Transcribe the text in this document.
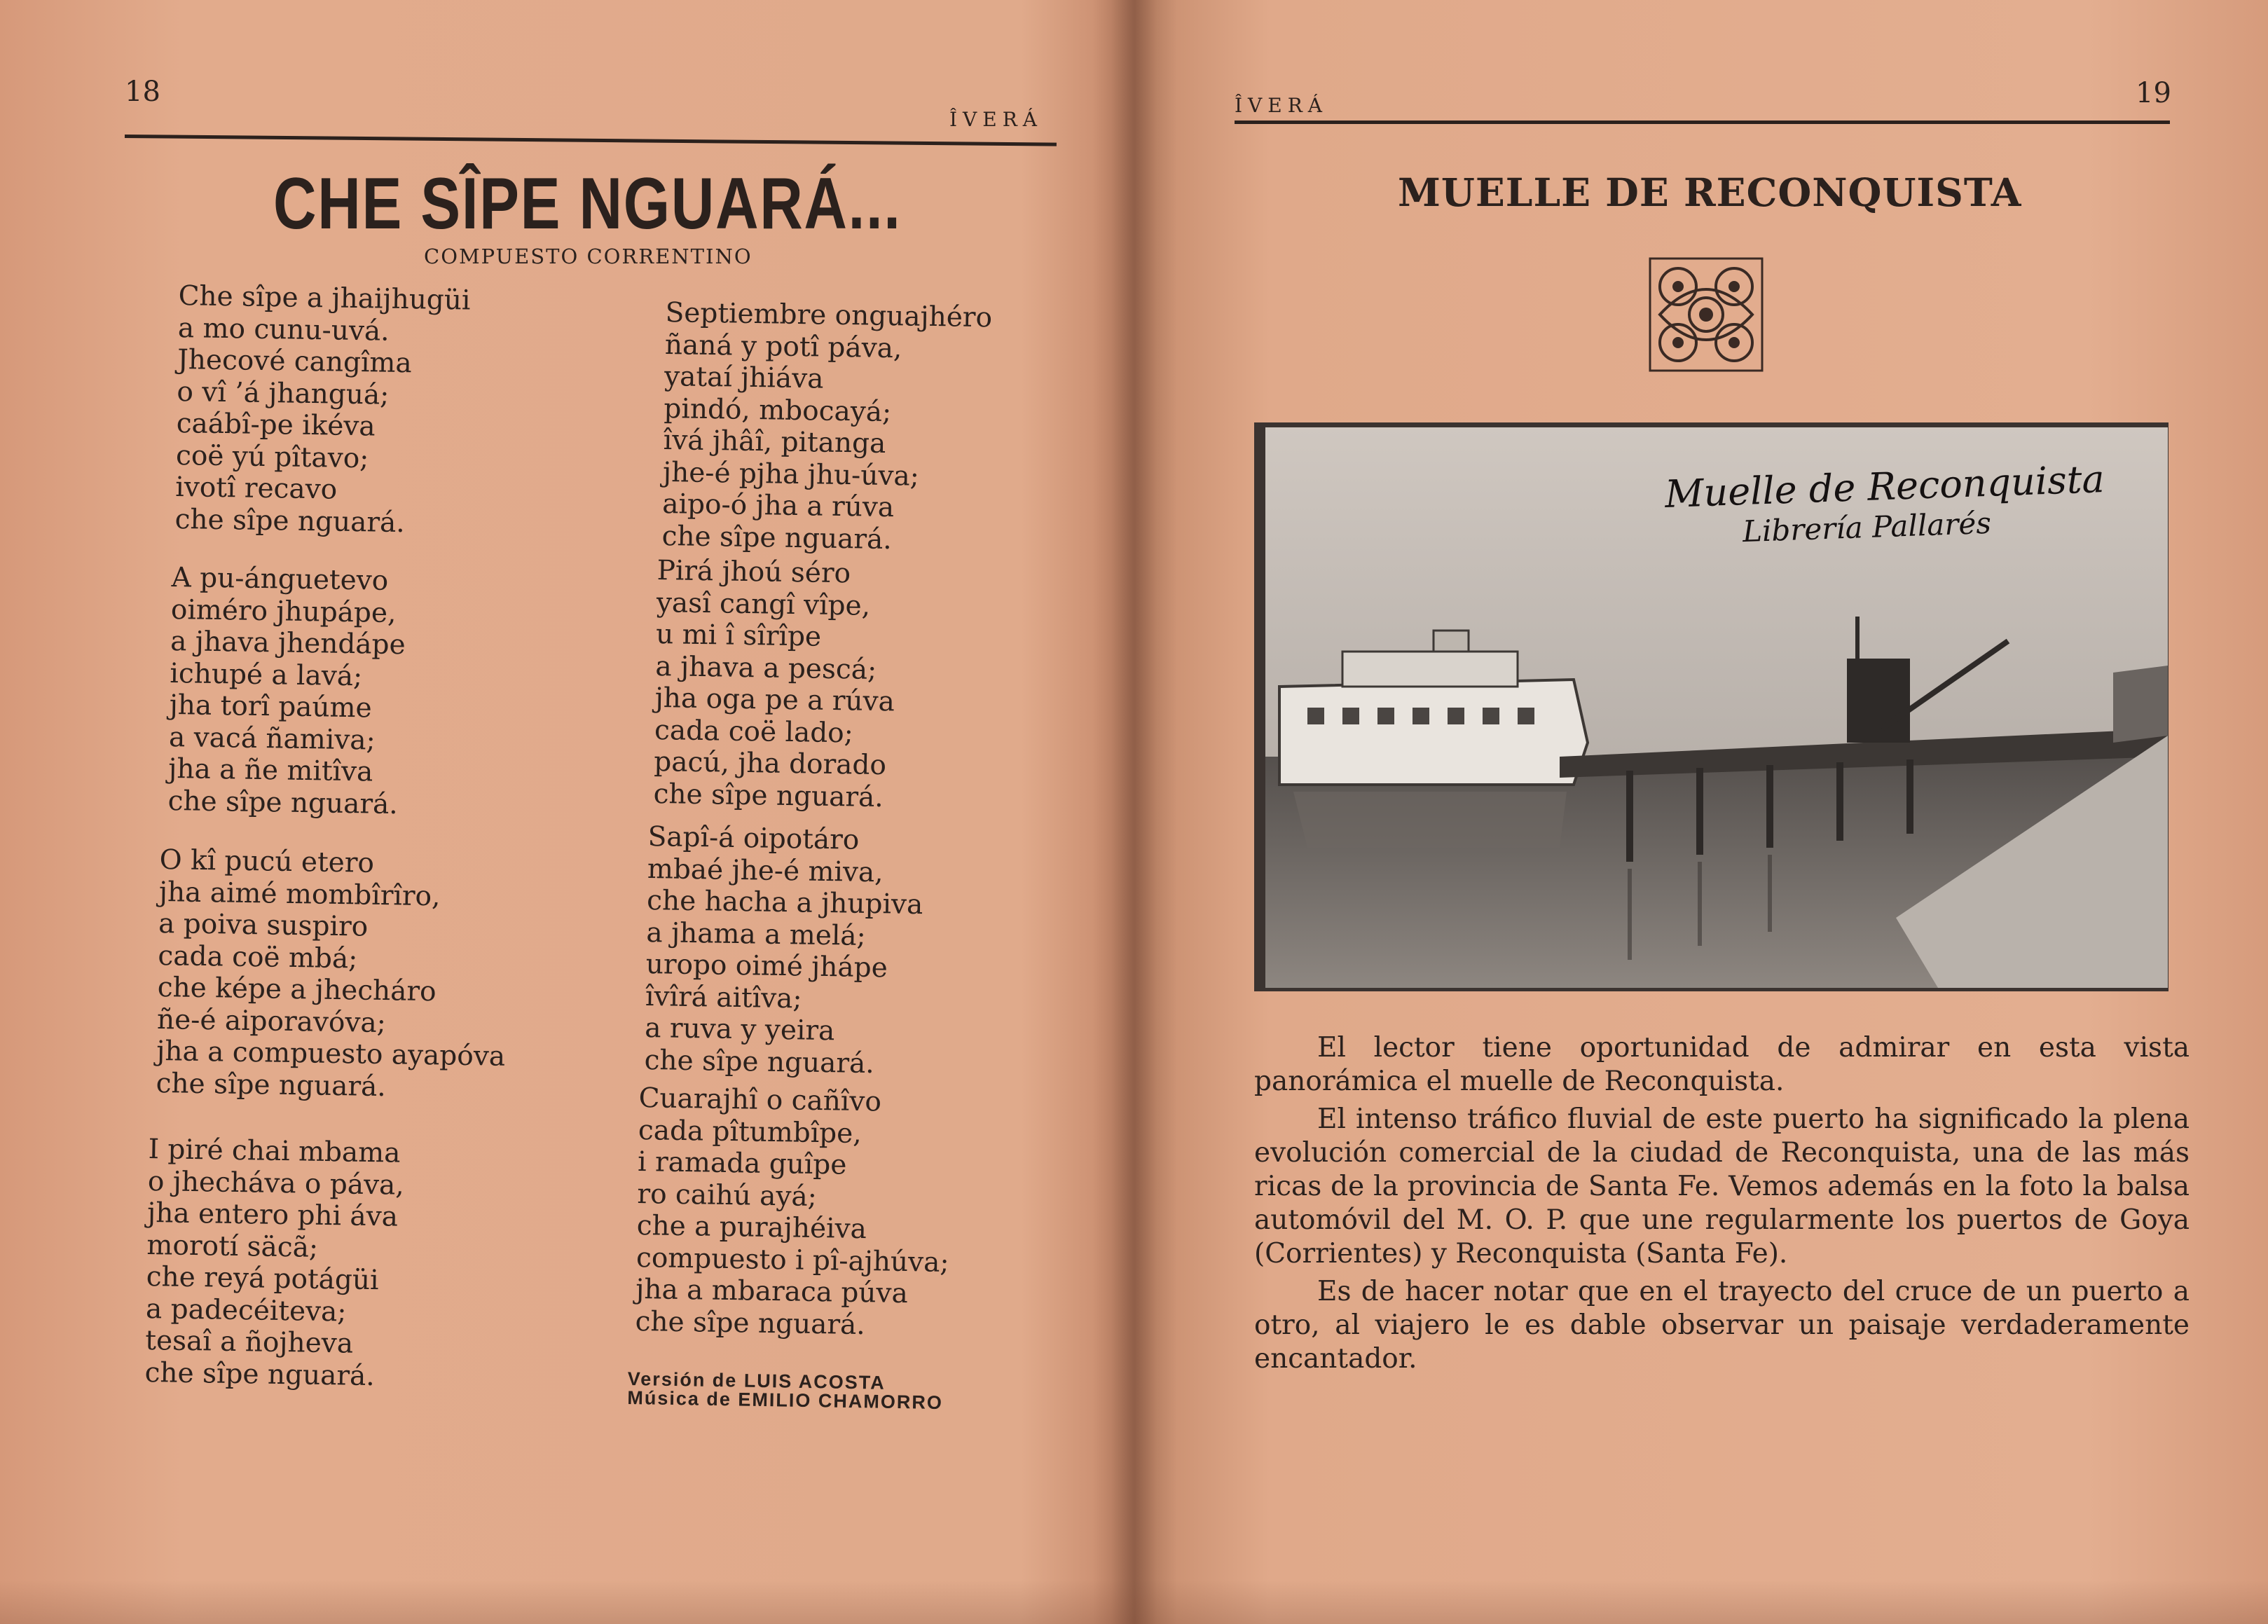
18
ÎVERÁ
CHE SÎPE NGUARÁ...
COMPUESTO CORRENTINO
Che sîpe a jhaijhugüi
a mo cunu-uvá.
Jhecové cangîma
o vî ’á jhanguá;
caábî-pe ikéva
coë yú pîtavo;
ivotî recavo
che sîpe nguará.
A pu-ánguetevo
oiméro jhupápe,
a jhava jhendápe
ichupé a lavá;
jha torî paúme
a vacá ñamiva;
jha a ñe mitîva
che sîpe nguará.
O kî pucú etero
jha aimé mombîrîro,
a poiva suspiro
cada coë mbá;
che képe a jhecháro
ñe-é aiporavóva;
jha a compuesto ayapóva
che sîpe nguará.
I piré chai mbama
o jhecháva o páva,
jha entero phi áva
morotí säcã;
che reyá potágüi
a padecéiteva;
tesaî a ñojheva
che sîpe nguará.
Septiembre onguajhéro
ñaná y potî páva,
yataí jhiáva
pindó, mbocayá;
îvá jhâî, pitanga
jhe-é pjha jhu-úva;
aipo-ó jha a rúva
che sîpe nguará.
Pirá jhoú séro
yasî cangî vîpe,
u mi î sîrîpe
a jhava a pescá;
jha oga pe a rúva
cada coë lado;
pacú, jha dorado
che sîpe nguará.
Sapî-á oipotáro
mbaé jhe-é miva,
che hacha a jhupiva
a jhama a melá;
uropo oimé jhápe
îvîrá aitîva;
a ruva y yeira
che sîpe nguará.
Cuarajhî o cañîvo
cada pîtumbîpe,
i ramada guîpe
ro caihú ayá;
che a purajhéiva
compuesto i pî-ajhúva;
jha a mbaraca púva
che sîpe nguará.
Versión de LUIS ACOSTA
Música de EMILIO CHAMORRO
ÎVERÁ	19
MUELLE DE RECONQUISTA
Muelle de Reconquista
Librería Pallarés

El lector tiene oportunidad de admirar en esta vista panorámica el muelle de Reconquista.

El intenso tráfico fluvial de este puerto ha significado la plena evolución comercial de la ciudad de Reconquista, una de las más ricas de la provincia de Santa Fe. Vemos además en la foto la balsa automóvil del M. O. P. que une regularmente los puertos de Goya (Corrientes) y Reconquista (Santa Fe).

Es de hacer notar que en el trayecto del cruce de un puerto a otro, al viajero le es dable observar un paisaje verdaderamente encantador.
